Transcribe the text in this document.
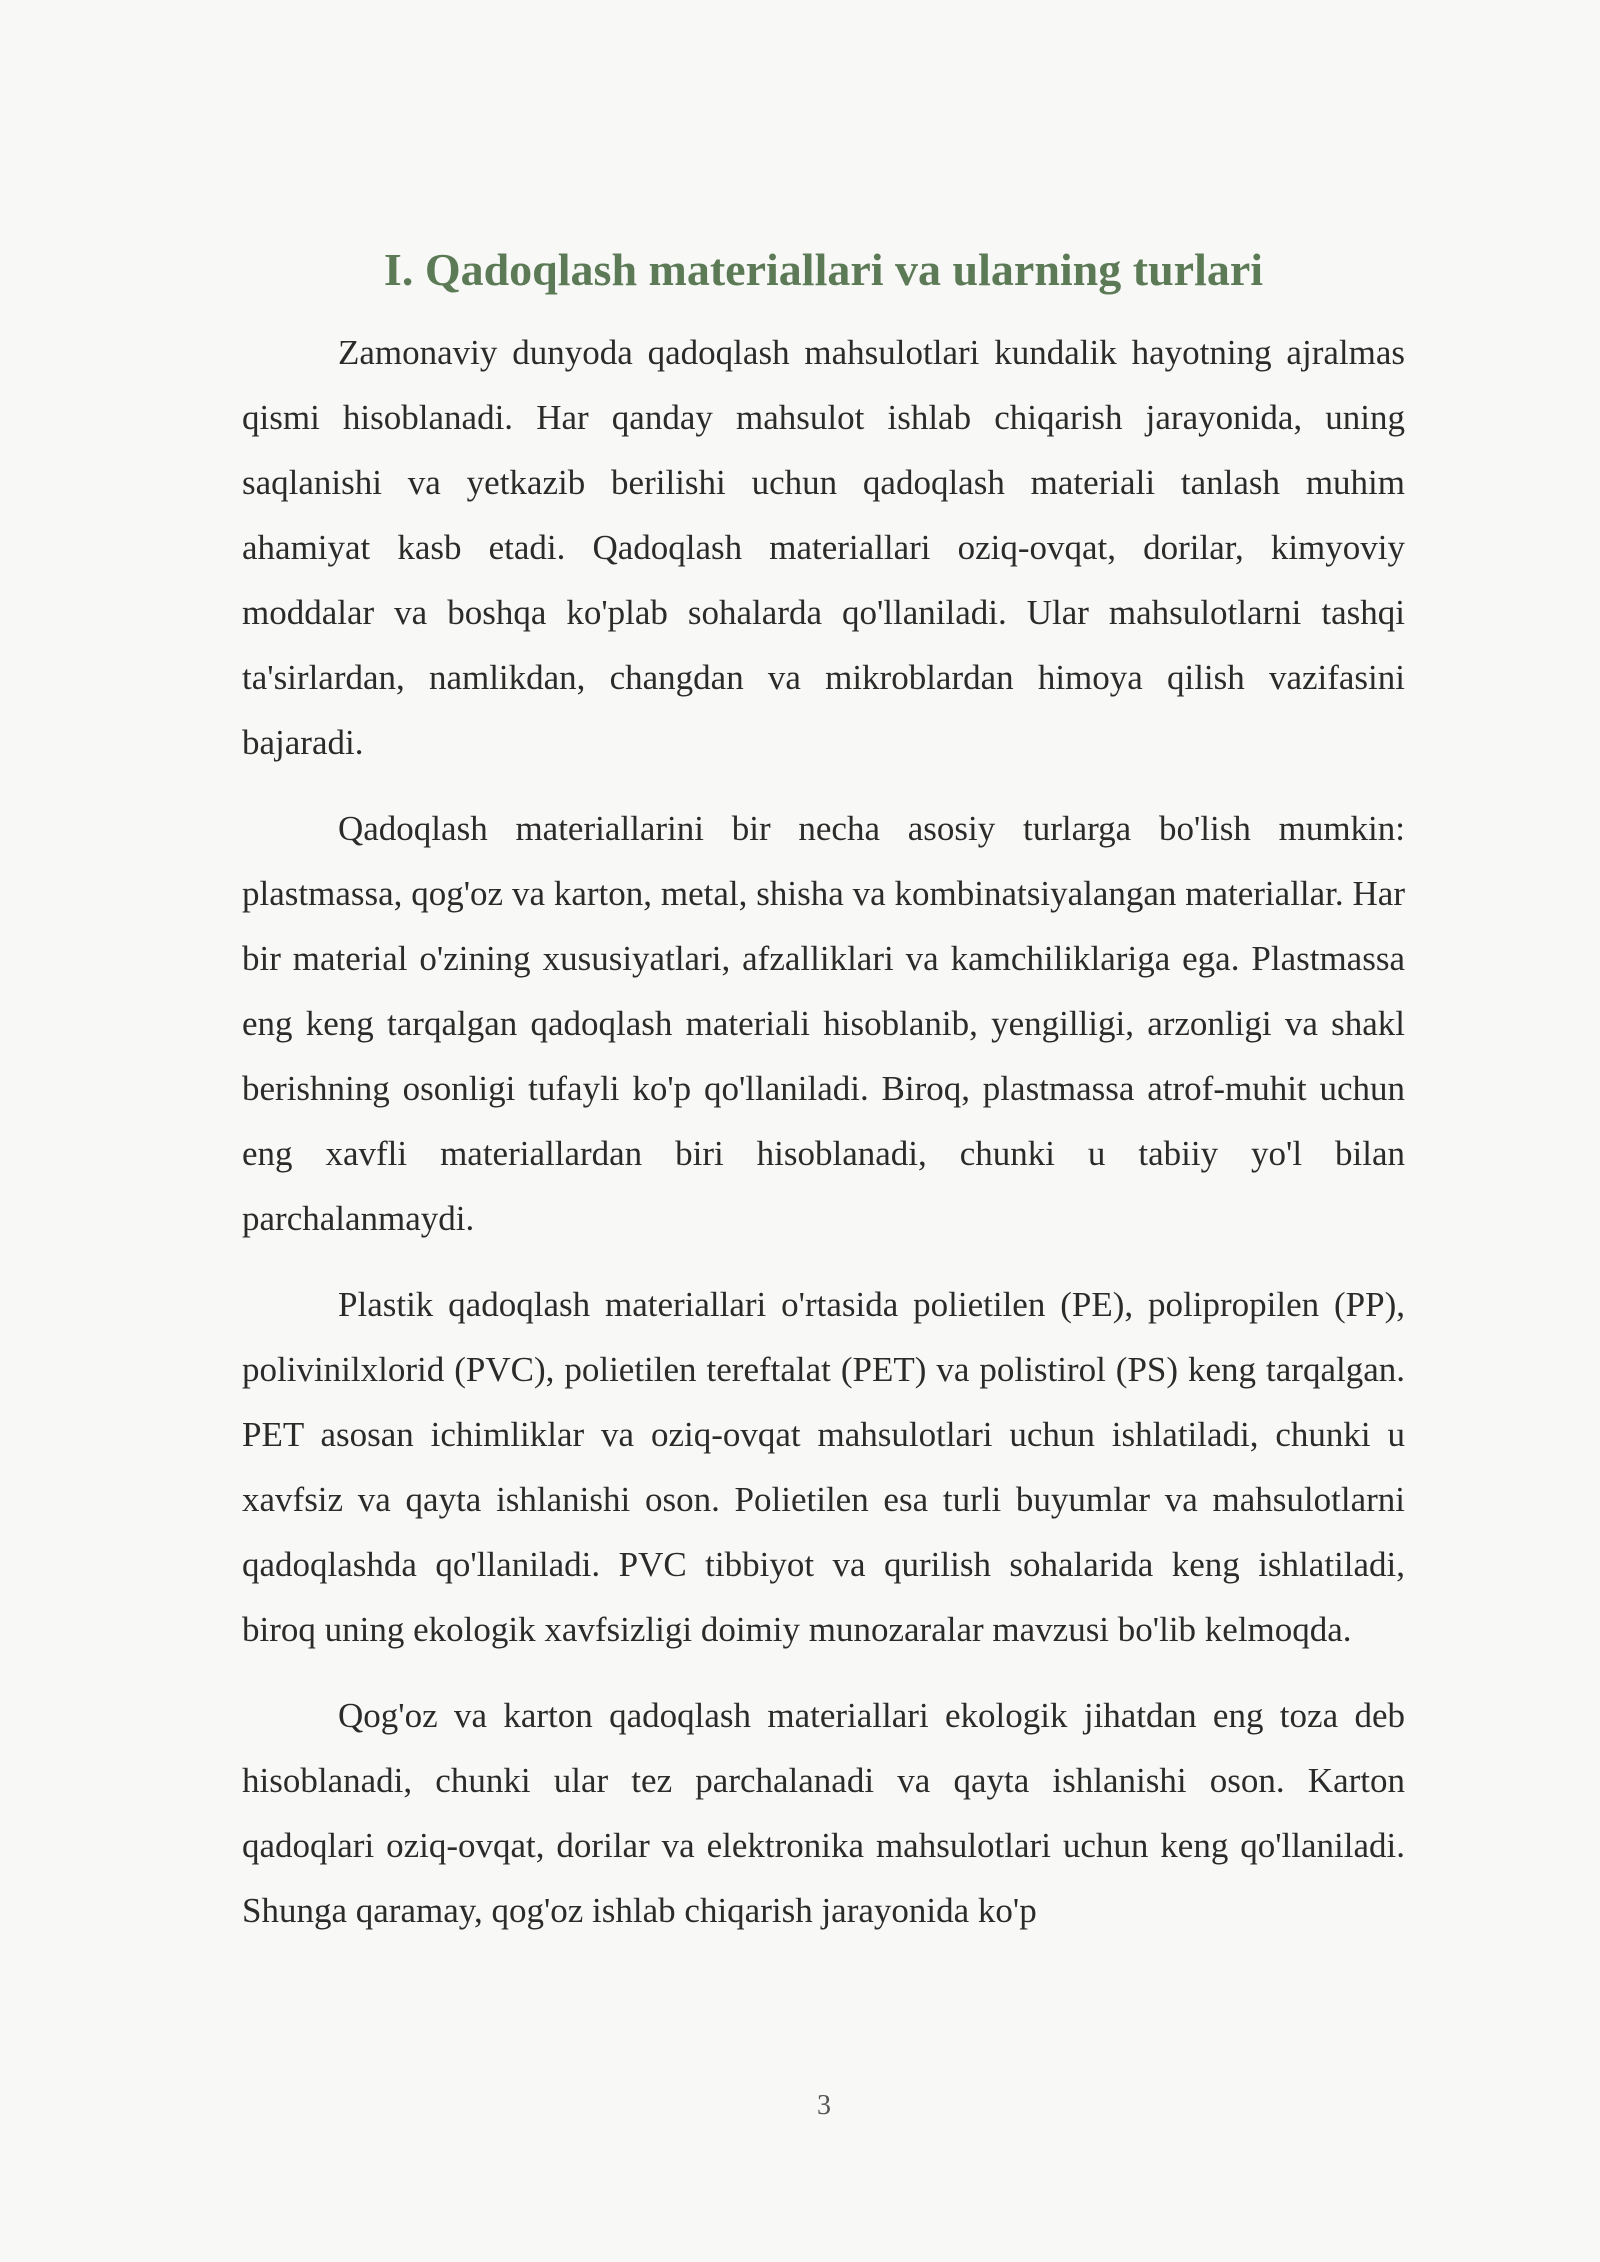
I. Qadoqlash materiallari va ularning turlari

Zamonaviy dunyoda qadoqlash mahsulotlari kundalik hayotning ajralmas qismi hisoblanadi. Har qanday mahsulot ishlab chiqarish jarayonida, uning saqlanishi va yetkazib berilishi uchun qadoqlash materiali tanlash muhim ahamiyat kasb etadi. Qadoqlash materiallari oziq-ovqat, dorilar, kimyoviy moddalar va boshqa ko'plab sohalarda qo'llaniladi. Ular mahsulotlarni tashqi ta'sirlardan, namlikdan, changdan va mikroblardan himoya qilish vazifasini bajaradi.

Qadoqlash materiallarini bir necha asosiy turlarga bo'lish mumkin: plastmassa, qog'oz va karton, metal, shisha va kombinatsiyalangan materiallar. Har bir material o'zining xususiyatlari, afzalliklari va kamchiliklariga ega. Plastmassa eng keng tarqalgan qadoqlash materiali hisoblanib, yengilligi, arzonligi va shakl berishning osonligi tufayli ko'p qo'llaniladi. Biroq, plastmassa atrof-muhit uchun eng xavfli materiallardan biri hisoblanadi, chunki u tabiiy yo'l bilan parchalanmaydi.

Plastik qadoqlash materiallari o'rtasida polietilen (PE), polipropilen (PP), polivinilxlorid (PVC), polietilen tereftalat (PET) va polistirol (PS) keng tarqalgan. PET asosan ichimliklar va oziq-ovqat mahsulotlari uchun ishlatiladi, chunki u xavfsiz va qayta ishlanishi oson. Polietilen esa turli buyumlar va mahsulotlarni qadoqlashda qo'llaniladi. PVC tibbiyot va qurilish sohalarida keng ishlatiladi, biroq uning ekologik xavfsizligi doimiy munozaralar mavzusi bo'lib kelmoqda.

Qog'oz va karton qadoqlash materiallari ekologik jihatdan eng toza deb hisoblanadi, chunki ular tez parchalanadi va qayta ishlanishi oson. Karton qadoqlari oziq-ovqat, dorilar va elektronika mahsulotlari uchun keng qo'llaniladi. Shunga qaramay, qog'oz ishlab chiqarish jarayonida ko'p

3
